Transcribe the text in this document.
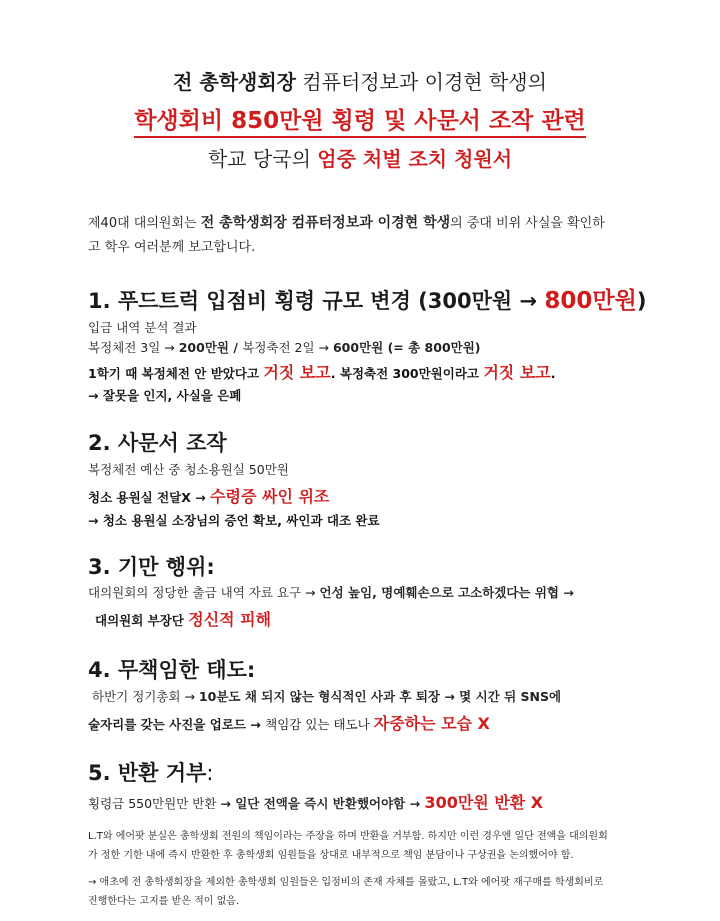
전 총학생회장 컴퓨터정보과 이경현 학생의
학생회비 850만원 횡령 및 사문서 조작 관련
학교 당국의 엄중 처벌 조치 청원서
제40대 대의원회는 전 총학생회장 컴퓨터정보과 이경현 학생의 중대 비위 사실을 확인하
고 학우 여러분께 보고합니다.
1. 푸드트럭 입점비 횡령 규모 변경 (300만원 → 800만원)
입금 내역 분석 결과
복정체전 3일 → 200만원 / 복정축전 2일 → 600만원 (= 총 800만원)
1학기 때 복정체전 안 받았다고 거짓 보고. 복정축전 300만원이라고 거짓 보고.
→ 잘못을 인지, 사실을 은폐
2. 사문서 조작
복정체전 예산 중 청소용원실 50만원
청소 용원실 전달X → 수령증 싸인 위조
→ 청소 용원실 소장님의 증언 확보, 싸인과 대조 완료
3. 기만 행위:
대의원회의 정당한 출금 내역 자료 요구 → 언성 높임, 명예훼손으로 고소하겠다는 위협 →
대의원회 부장단 정신적 피해
4. 무책임한 태도:
하반기 정기총회 → 10분도 채 되지 않는 형식적인 사과 후 퇴장 → 몇 시간 뒤 SNS에
술자리를 갖는 사진을 업로드 → 책임감 있는 태도나 자중하는 모습 X
5. 반환 거부:
횡령금 550만원만 반환 → 일단 전액을 즉시 반환했어야함 → 300만원 반환 X
L.T와 에어팟 분실은 총학생회 전원의 책임이라는 주장을 하며 반환을 거부함. 하지만 이런 경우엔 일단 전액을 대의원회
가 정한 기한 내에 즉시 반환한 후 총학생회 임원들을 상대로 내부적으로 책임 분담이나 구상권을 논의했어야 함.
→ 애초에 전 총학생회장을 제외한 총학생회 임원들은 입점비의 존재 자체를 몰랐고, L.T와 에어팟 재구매를 학생회비로
진행한다는 고지를 받은 적이 없음.
